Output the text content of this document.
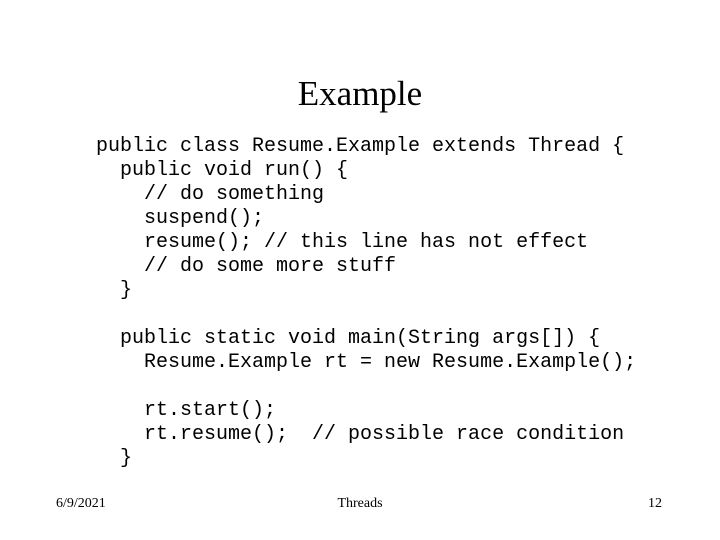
Example
public class Resume.Example extends Thread {
public void run() {
// do something
suspend();
resume(); // this line has not effect
// do some more stuff
}
public static void main(String args[]) {
Resume.Example rt = new Resume.Example();
rt.start();
rt.resume();  // possible race condition
}
6/9/2021	Threads	12
